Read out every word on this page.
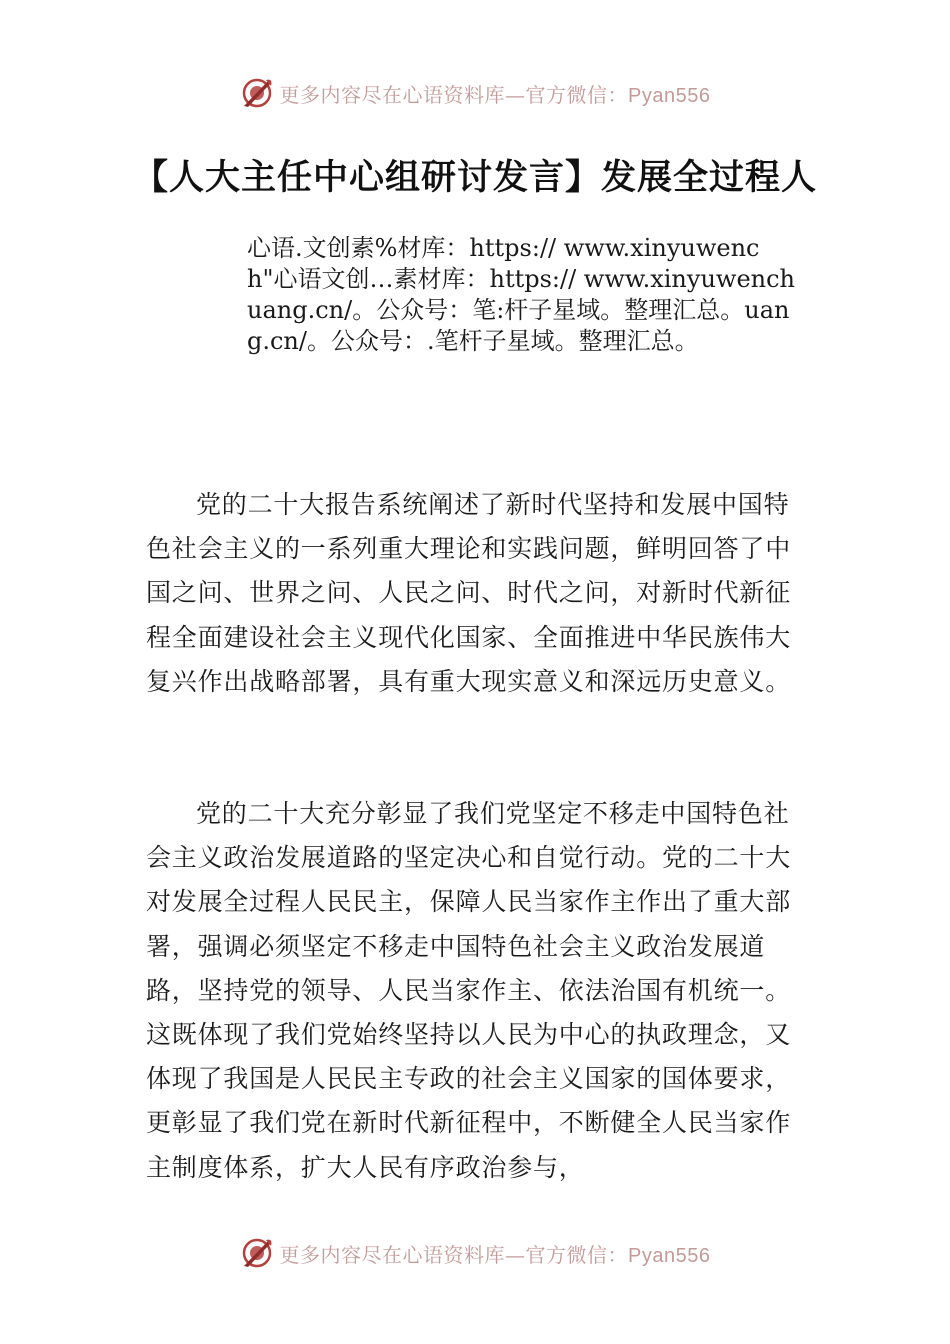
更多内容尽在心语资料库—官方微信：Pyan556
【人大主任中心组研讨发言】发展全过程人
心语.文创素%材库：https:// www.xinyuwench"心语文创…素材库：https:// www.xinyuwenchuang.cn/。公众号：笔:杆子星域。整理汇总。uang.cn/。公众号：.笔杆子星域。整理汇总。

党的二十大报告系统阐述了新时代坚持和发展中国特色社会主义的一系列重大理论和实践问题，鲜明回答了中国之问、世界之问、人民之问、时代之问，对新时代新征程全面建设社会主义现代化国家、全面推进中华民族伟大复兴作出战略部署，具有重大现实意义和深远历史意义。

党的二十大充分彰显了我们党坚定不移走中国特色社会主义政治发展道路的坚定决心和自觉行动。党的二十大对发展全过程人民民主，保障人民当家作主作出了重大部署，强调必须坚定不移走中国特色社会主义政治发展道路，坚持党的领导、人民当家作主、依法治国有机统一。这既体现了我们党始终坚持以人民为中心的执政理念，又体现了我国是人民民主专政的社会主义国家的国体要求，更彰显了我们党在新时代新征程中，不断健全人民当家作主制度体系，扩大人民有序政治参与，

更多内容尽在心语资料库—官方微信：Pyan556
